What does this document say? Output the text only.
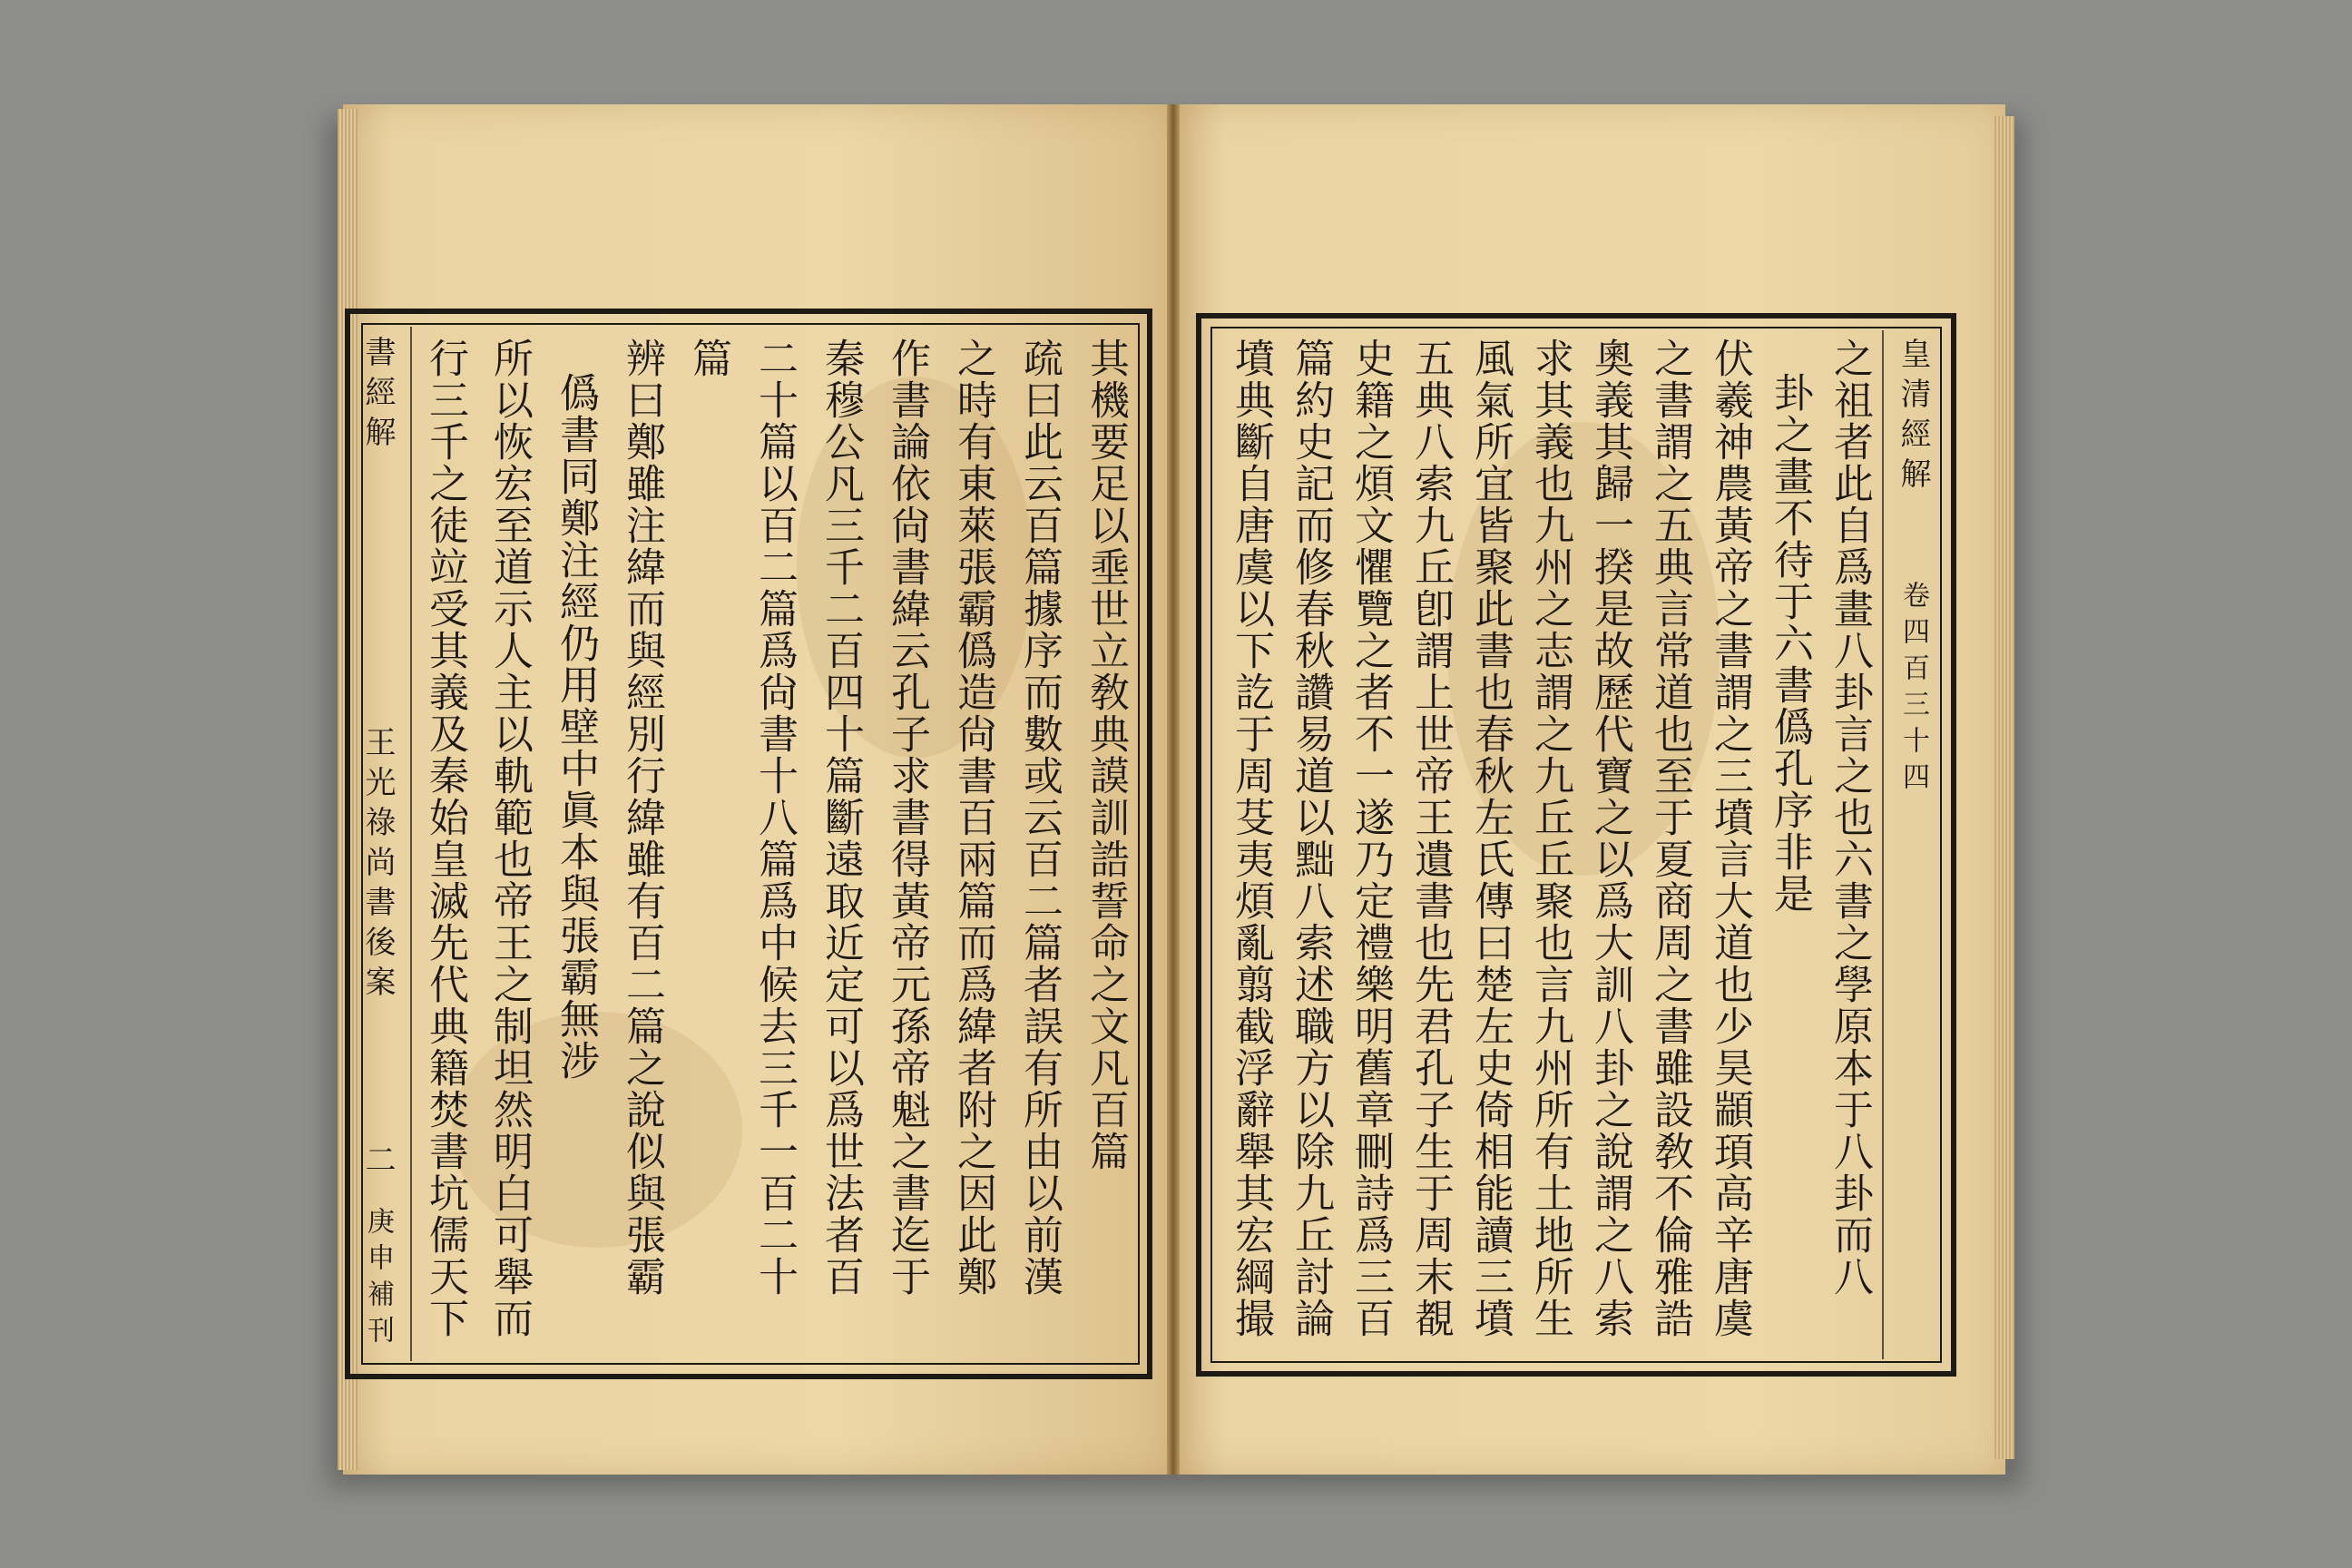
書經解
王光祿尚書後案
二
庚申補刊
其機要足以埀世立敎典謨訓誥誓命之文凡百篇
疏曰此云百篇據序而數或云百二篇者誤有所由以前漢
之時有東萊張霸僞造尙書百兩篇而爲緯者附之因此鄭
作書論依尙書緯云孔子求書得黃帝元孫帝魁之書迄于
秦穆公凡三千二百四十篇斷遠取近定可以爲世法者百
二十篇以百二篇爲尙書十八篇爲中候去三千一百二十
篇
辨曰鄭雖注緯而與經別行緯雖有百二篇之說似與張霸
僞書同鄭注經仍用壁中眞本與張霸無涉
所以恢宏至道示人主以軌範也帝王之制坦然明白可舉而
行三千之徒竝受其義及秦始皇滅先代典籍焚書坑儒天下	皇清經解
卷四百三十四
之祖者此自爲畫八卦言之也六書之學原本于八卦而八
卦之畫不待于六書僞孔序非是
伏羲神農黃帝之書謂之三墳言大道也少昊顓頊高辛唐虞
之書謂之五典言常道也至于夏商周之書雖設敎不倫雅誥
奧義其歸一揆是故歷代寶之以爲大訓八卦之說謂之八索
求其義也九州之志謂之九丘丘聚也言九州所有土地所生
風氣所宜皆聚此書也春秋左氏傳曰楚左史倚相能讀三墳
五典八索九丘卽謂上世帝王遺書也先君孔子生于周末覩
史籍之煩文懼覽之者不一遂乃定禮樂明舊章刪詩爲三百
篇約史記而修春秋讚易道以黜八索述職方以除九丘討論
墳典斷自唐虞以下訖于周芟夷煩亂翦截浮辭舉其宏綱撮
